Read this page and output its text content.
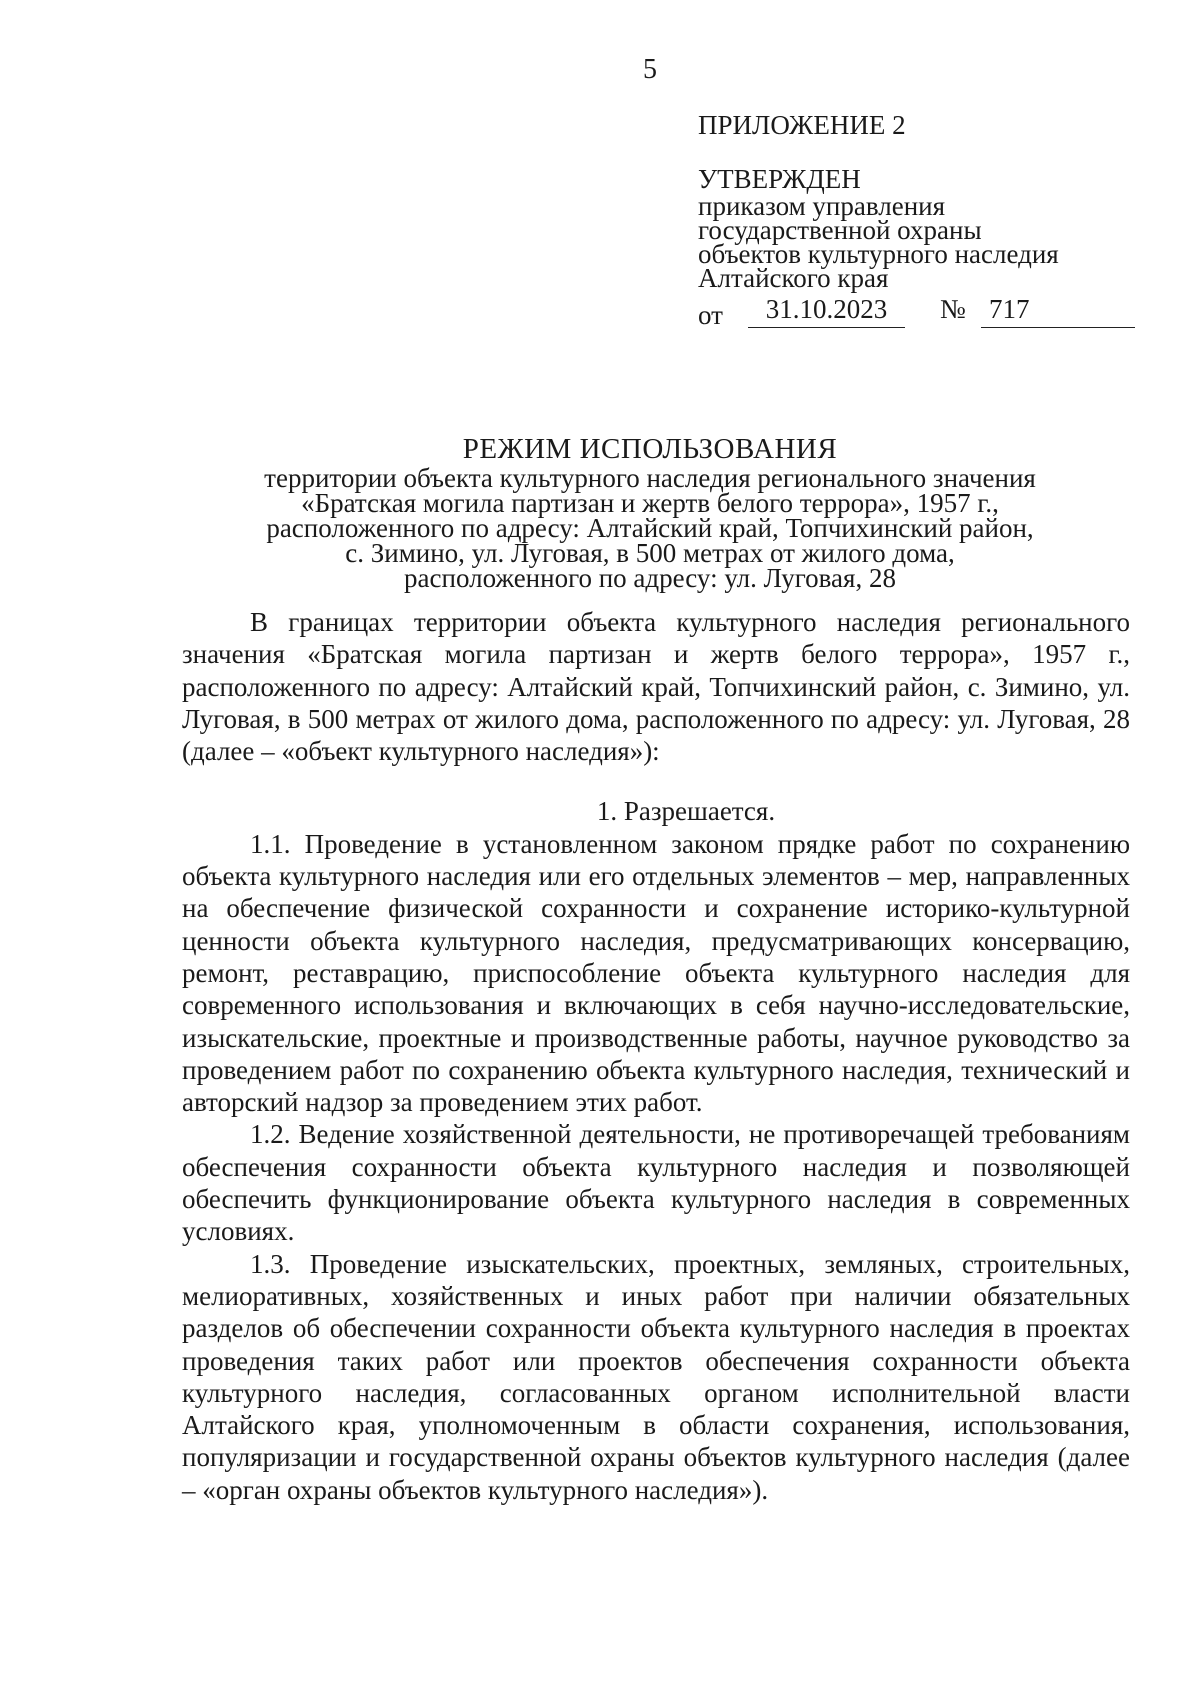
5
ПРИЛОЖЕНИЕ 2
УТВЕРЖДЕН
приказом управления
государственной охраны
объектов культурного наследия
Алтайского края
от	31.10.2023	№ 717
РЕЖИМ ИСПОЛЬЗОВАНИЯ
территории объекта культурного наследия регионального значения
«Братская могила партизан и жертв белого террора», 1957 г.,
расположенного по адресу: Алтайский край, Топчихинский район,
с. Зимино, ул. Луговая, в 500 метрах от жилого дома,
расположенного по адресу: ул. Луговая, 28

В границах территории объекта культурного наследия регионального значения «Братская могила партизан и жертв белого террора», 1957 г., расположенного по адресу: Алтайский край, Топчихинский район, с. Зимино, ул. Луговая, в 500 метрах от жилого дома, расположенного по адресу: ул. Луговая, 28 (далее – «объект культурного наследия»):

1. Разрешается.

1.1. Проведение в установленном законом прядке работ по сохранению объекта культурного наследия или его отдельных элементов – мер, направленных на обеспечение физической сохранности и сохранение историко-культурной ценности объекта культурного наследия, предусматривающих консервацию, ремонт, реставрацию, приспособление объекта культурного наследия для современного использования и включающих в себя научно-исследовательские, изыскательские, проектные и производственные работы, научное руководство за проведением работ по сохранению объекта культурного наследия, технический и авторский надзор за проведением этих работ.

1.2. Ведение хозяйственной деятельности, не противоречащей требованиям обеспечения сохранности объекта культурного наследия и позволяющей обеспечить функционирование объекта культурного наследия в современных условиях.

1.3. Проведение изыскательских, проектных, земляных, строительных, мелиоративных, хозяйственных и иных работ при наличии обязательных разделов об обеспечении сохранности объекта культурного наследия в проектах проведения таких работ или проектов обеспечения сохранности объекта культурного наследия, согласованных органом исполнительной власти Алтайского края, уполномоченным в области сохранения, использования, популяризации и государственной охраны объектов культурного наследия (далее – «орган охраны объектов культурного наследия»).
